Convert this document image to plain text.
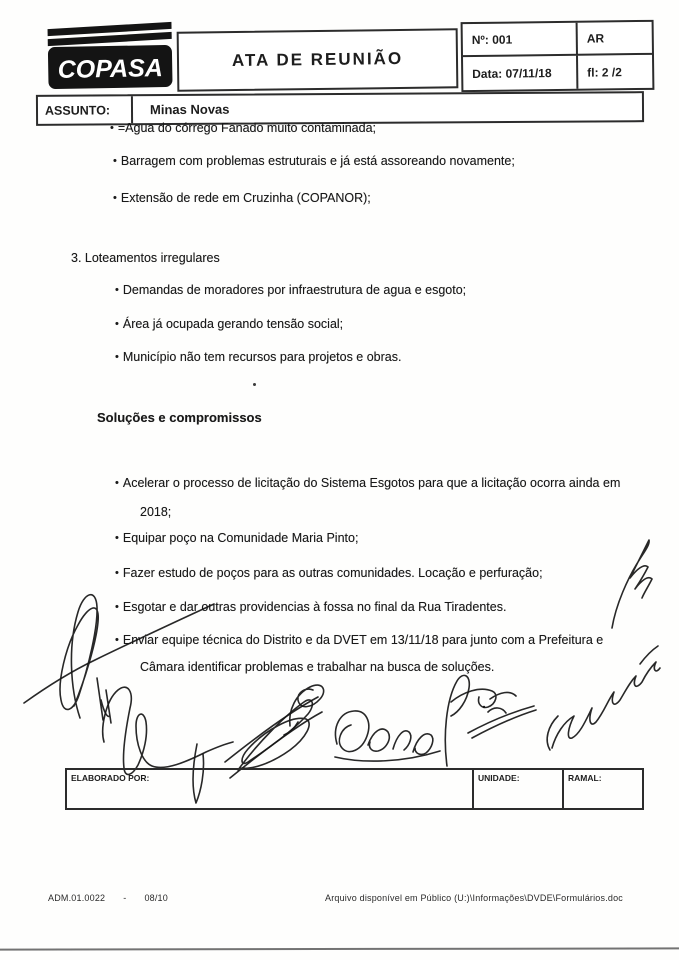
COPASA	ATA DE REUNIÃO
Nº: 001	AR
Data: 07/11/18	fl: 2 /2
ASSUNTO:	Minas Novas
• =Agua do córrego Fanado muito contaminada;
• Barragem com problemas estruturais e já está assoreando novamente;
• Extensão de rede em Cruzinha (COPANOR);
3. Loteamentos irregulares
• Demandas de moradores por infraestrutura de agua e esgoto;
• Área já ocupada gerando tensão social;
• Município não tem recursos para projetos e obras.
Soluções e compromissos
• Acelerar o processo de licitação do Sistema Esgotos para que a licitação ocorra ainda em
2018;
• Equipar poço na Comunidade Maria Pinto;
• Fazer estudo de poços para as outras comunidades. Locação e perfuração;
• Esgotar e dar outras providencias à fossa no final da Rua Tiradentes.
• Enviar equipe técnica do Distrito e da DVET em 13/11/18 para junto com a Prefeitura e
Câmara identificar problemas e trabalhar na busca de soluções.
ELABORADO POR:	UNIDADE:	RAMAL:
ADM.01.0022 - 08/10	Arquivo disponível em Público (U:)\Informações\DVDE\Formulários.doc
